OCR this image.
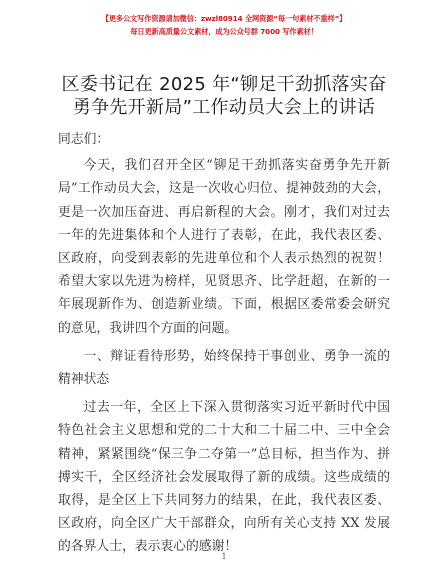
【更多公文写作资源请加微信：zwzl80914 全网资源“每一句素材不重样”】
每日更新高质量公文素材，成为公众号群 7000 写作素材！
区委书记在 2025 年“铆足干劲抓落实奋勇争先开新局”工作动员大会上的讲话

同志们：

今天，我们召开全区“铆足干劲抓落实奋勇争先开新局”工作动员大会，这是一次收心归位、提神鼓劲的大会，更是一次加压奋进、再启新程的大会。刚才，我们对过去一年的先进集体和个人进行了表彰，在此，我代表区委、区政府，向受到表彰的先进单位和个人表示热烈的祝贺！希望大家以先进为榜样，见贤思齐、比学赶超，在新的一年展现新作为、创造新业绩。下面，根据区委常委会研究的意见，我讲四个方面的问题。

一、辩证看待形势，始终保持干事创业、勇争一流的精神状态

过去一年，全区上下深入贯彻落实习近平新时代中国特色社会主义思想和党的二十大和二十届二中、三中全会精神，紧紧围绕“保三争二夺第一”总目标，担当作为、拼搏实干，全区经济社会发展取得了新的成绩。这些成绩的取得，是全区上下共同努力的结果，在此，我代表区委、区政府，向全区广大干部群众，向所有关心支持 XX 发展的各界人士，表示衷心的感谢！

1
